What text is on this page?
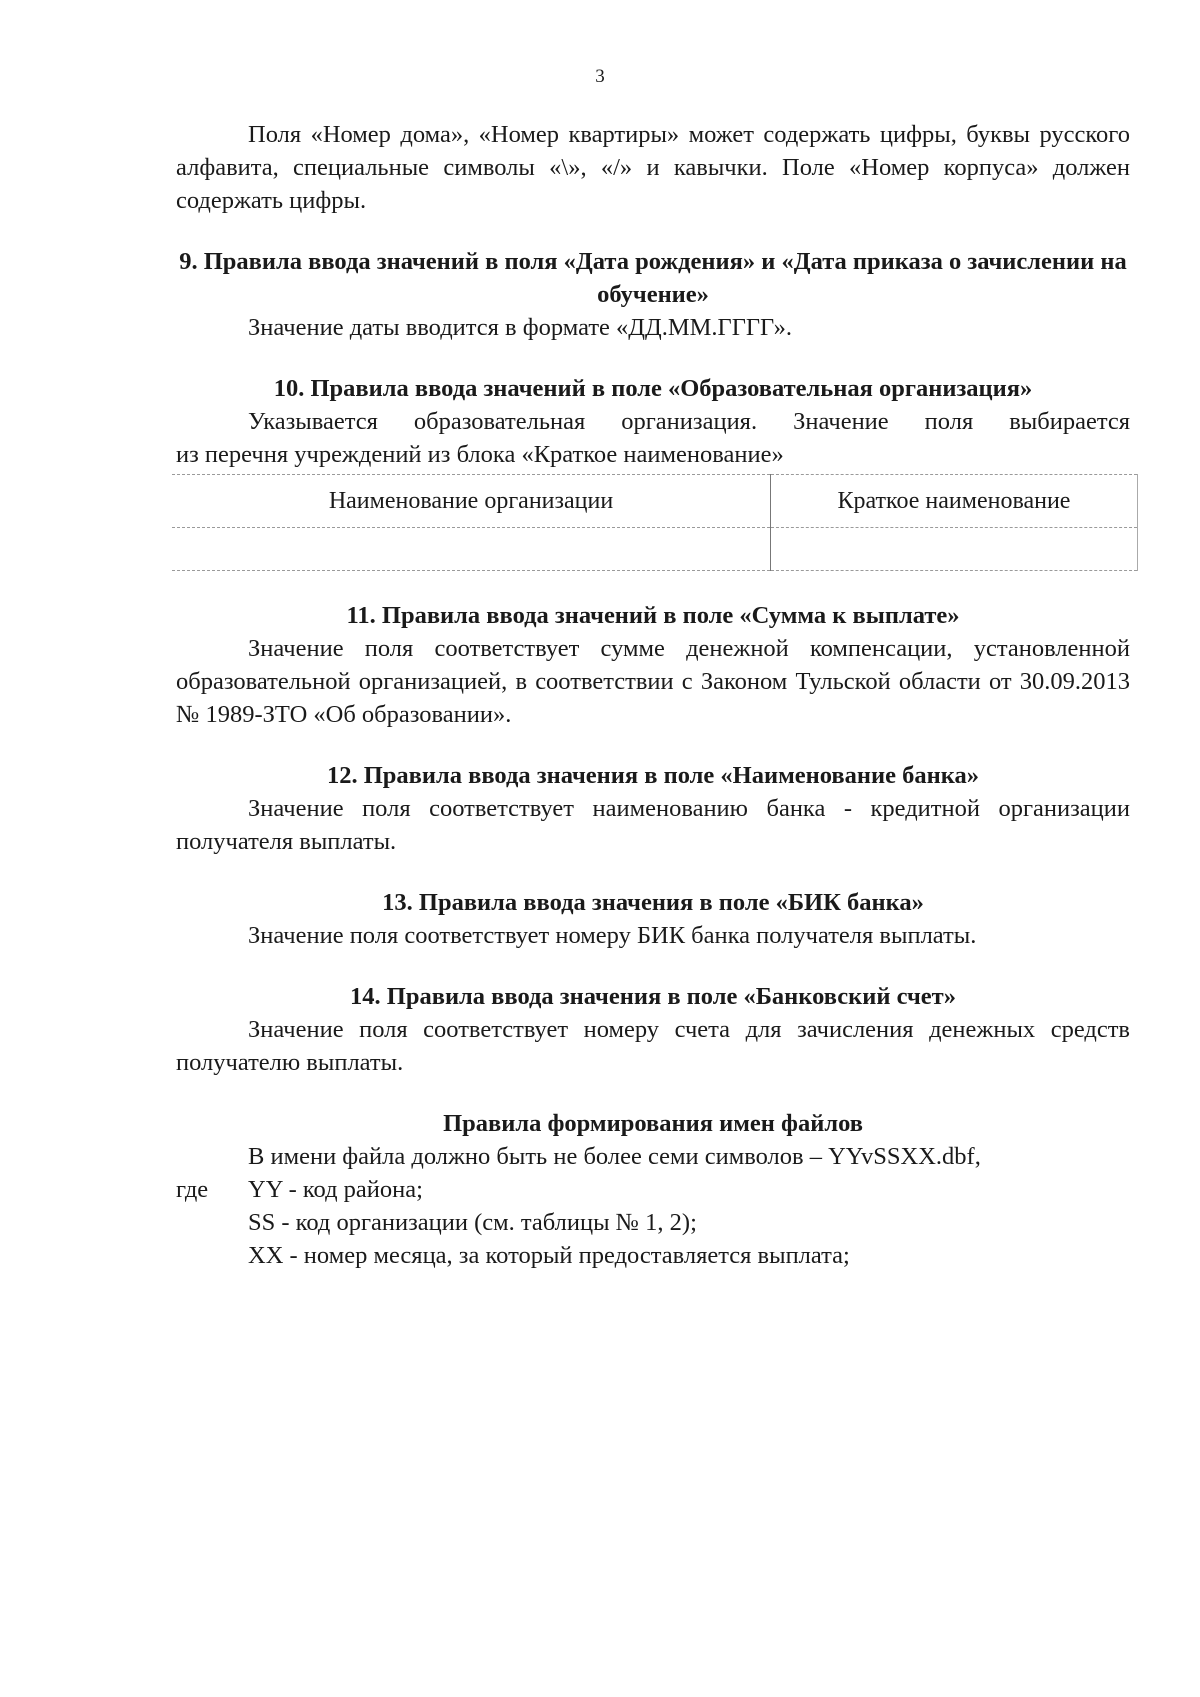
3

Поля «Номер дома», «Номер квартиры» может содержать цифры, буквы русского алфавита, специальные символы «\», «/» и кавычки. Поле «Номер корпуса» должен содержать цифры.

9. Правила ввода значений в поля «Дата рождения» и «Дата приказа о зачислении на обучение»

Значение даты вводится в формате «ДД.ММ.ГГГГ».

10. Правила ввода значений в поле «Образовательная организация»

Указывается образовательная организация. Значение поля выбирается

из перечня учреждений из блока «Краткое наименование»

Наименование организации	Краткое наименование

11. Правила ввода значений в поле «Сумма к выплате»

Значение поля соответствует сумме денежной компенсации, установленной образовательной организацией, в соответствии с Законом Тульской области от 30.09.2013 № 1989-ЗТО «Об образовании».

12. Правила ввода значения в поле «Наименование банка»

Значение поля соответствует наименованию банка - кредитной организации получателя выплаты.

13. Правила ввода значения в поле «БИК банка»

Значение поля соответствует номеру БИК банка получателя выплаты.

14. Правила ввода значения в поле «Банковский счет»

Значение поля соответствует номеру счета для зачисления денежных средств получателю выплаты.

Правила формирования имен файлов
В имени файла должно быть не более семи символов – YYvSSXX.dbf,
где	YY - код района;
SS - код организации (см. таблицы № 1, 2);
XX - номер месяца, за который предоставляется выплата;
